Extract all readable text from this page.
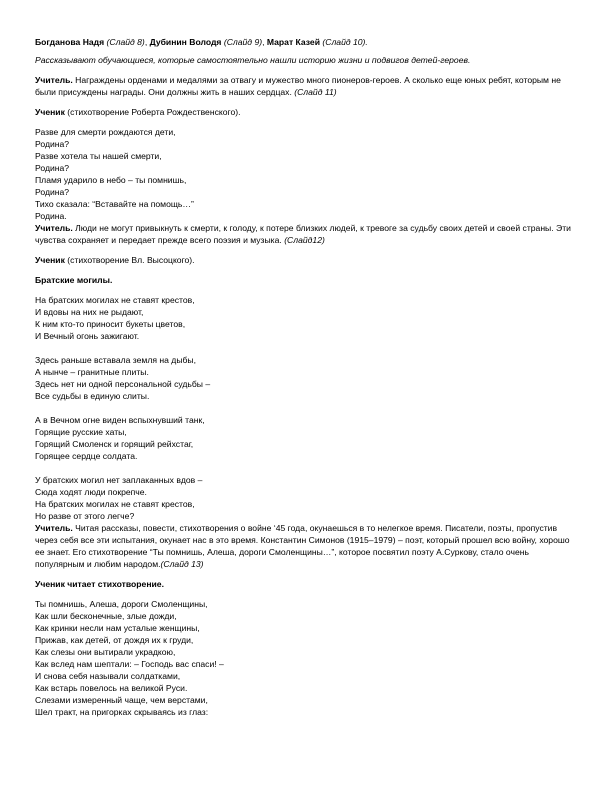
Богданова Надя (Слайд 8), Дубинин Володя (Слайд 9), Марат Казей (Слайд 10).

Рассказывают обучающиеся, которые самостоятельно нашли историю жизни и подвигов детей-героев.

Учитель. Награждены орденами и медалями за отвагу и мужество много пионеров-героев. А сколько еще юных ребят, которым не были присуждены награды. Они должны жить в наших сердцах. (Слайд 11)

Ученик (стихотворение Роберта Рождественского).

Разве для смерти рождаются дети,
Родина?
Разве хотела ты нашей смерти,
Родина?
Пламя ударило в небо – ты помнишь,
Родина?
Тихо сказала: “Вставайте на помощь…”
Родина.

Учитель. Люди не могут привыкнуть к смерти, к голоду, к потере близких людей, к тревоге за судьбу своих детей и своей страны. Эти чувства сохраняет и передает прежде всего поэзия и музыка. (Слайд12)

Ученик (стихотворение Вл. Высоцкого).

Братские могилы.

На братских могилах не ставят крестов,
И вдовы на них не рыдают,
К ним кто-то приносит букеты цветов,
И Вечный огонь зажигают.
Здесь раньше вставала земля на дыбы,
А нынче – гранитные плиты.
Здесь нет ни одной персональной судьбы –
Все судьбы в единую слиты.
А в Вечном огне виден вспыхнувший танк,
Горящие русские хаты,
Горящий Смоленск и горящий рейхстаг,
Горящее сердце солдата.
У братских могил нет заплаканных вдов –
Сюда ходят люди покрепче.
На братских могилах не ставят крестов,
Но разве от этого легче?

Учитель. Читая рассказы, повести, стихотворения о войне ‘45 года, окунаешься в то нелегкое время. Писатели, поэты, пропустив через себя все эти испытания, окунает нас в это время. Константин Симонов (1915–1979) – поэт, который прошел всю войну, хорошо ее знает. Его стихотворение “Ты помнишь, Алеша, дороги Смоленщины…”, которое посвятил поэту А.Суркову, стало очень популярным и любим народом.(Слайд 13)

Ученик читает стихотворение.

Ты помнишь, Алеша, дороги Смоленщины,
Как шли бесконечные, злые дожди,
Как кринки несли нам усталые женщины,
Прижав, как детей, от дождя их к груди,
Как слезы они вытирали украдкою,
Как вслед нам шептали: – Господь вас спаси! –
И снова себя называли солдатками,
Как встарь повелось на великой Руси.
Слезами измеренный чаще, чем верстами,
Шел тракт, на пригорках скрываясь из глаз:
